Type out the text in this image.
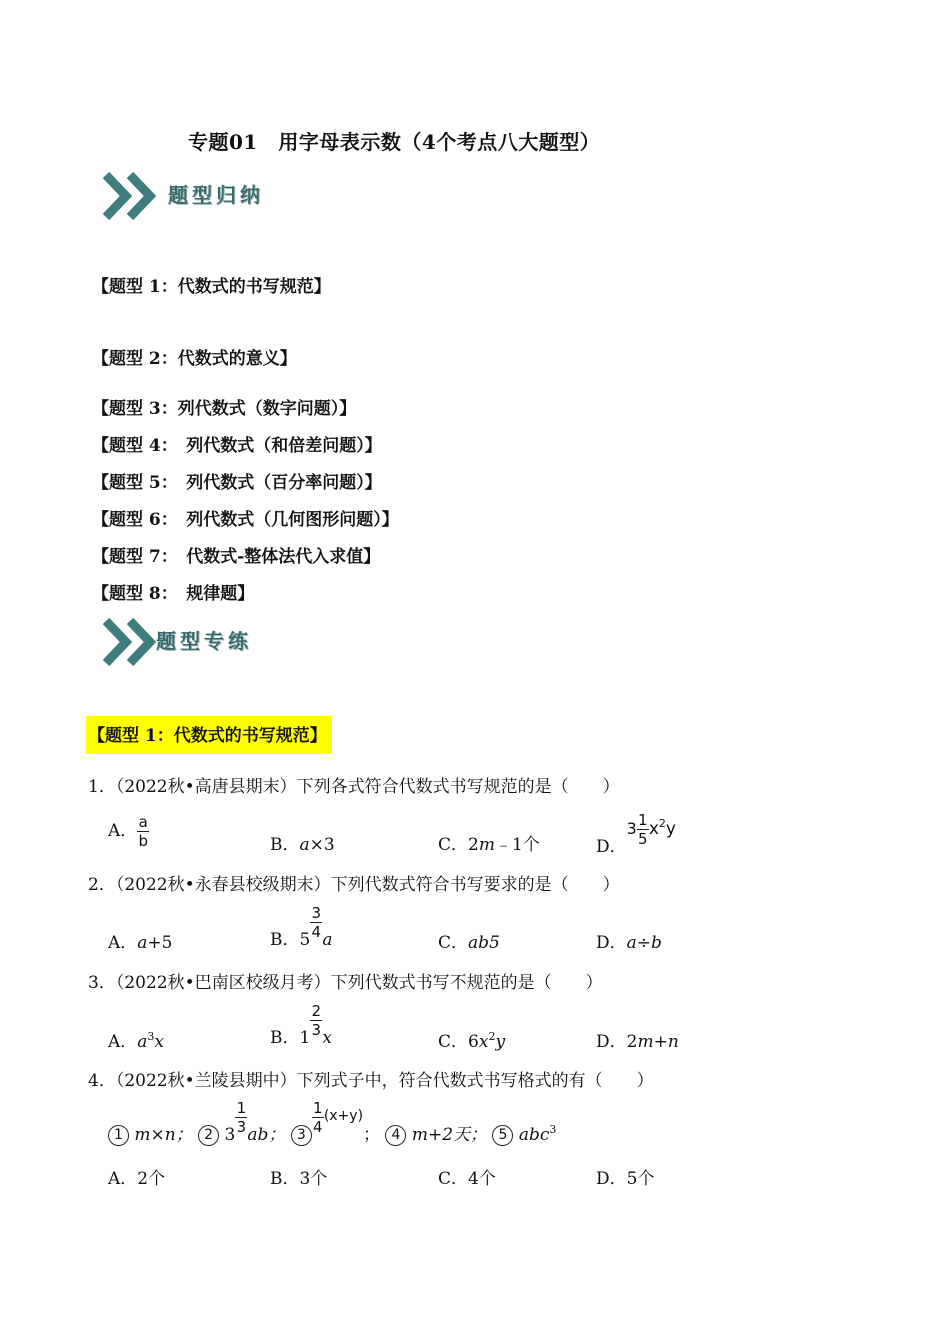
专题01　用字母表示数（4个考点八大题型）
题型归纳
【题型 1：代数式的书写规范】
【题型 2：代数式的意义】
【题型 3：列代数式（数字问题）】
【题型 4：　列代数式（和倍差问题）】
【题型 5：　列代数式（百分率问题）】
【题型 6：　列代数式（几何图形问题）】
【题型 7：　代数式-整体法代入求值】
【题型 8：　规律题】
题型专练
【题型 1：代数式的书写规范】
1．（2022秋•高唐县期末）下列各式符合代数式书写规范的是（　　）
A． $\frac{a}{b}$	B．a×3	C．2m﹣1个	D．$3 \frac{1}{5} x^2y$
2．（2022秋•永春县校级期末）下列代数式符合书写要求的是（　　）
A．a+5	B．$5 \frac{3}{4}$ a	C．ab5	D．a÷b
3．（2022秋•巴南区校级月考）下列代数式书写不规范的是（　　）
A．$a^3x$	B．$1 \frac{2}{3}$ x	C．$6x^2y$	D．2m+n
4．（2022秋•兰陵县期中）下列式子中，符合代数式书写格式的有（　　）
1 m×n； 2 $3 \frac{1}{3}$ ab； $3 \frac{1}{4} (x+y)$； 4 m+2天； 5 abc$^3$
A．2个	B．3个	C．4个	D．5个
